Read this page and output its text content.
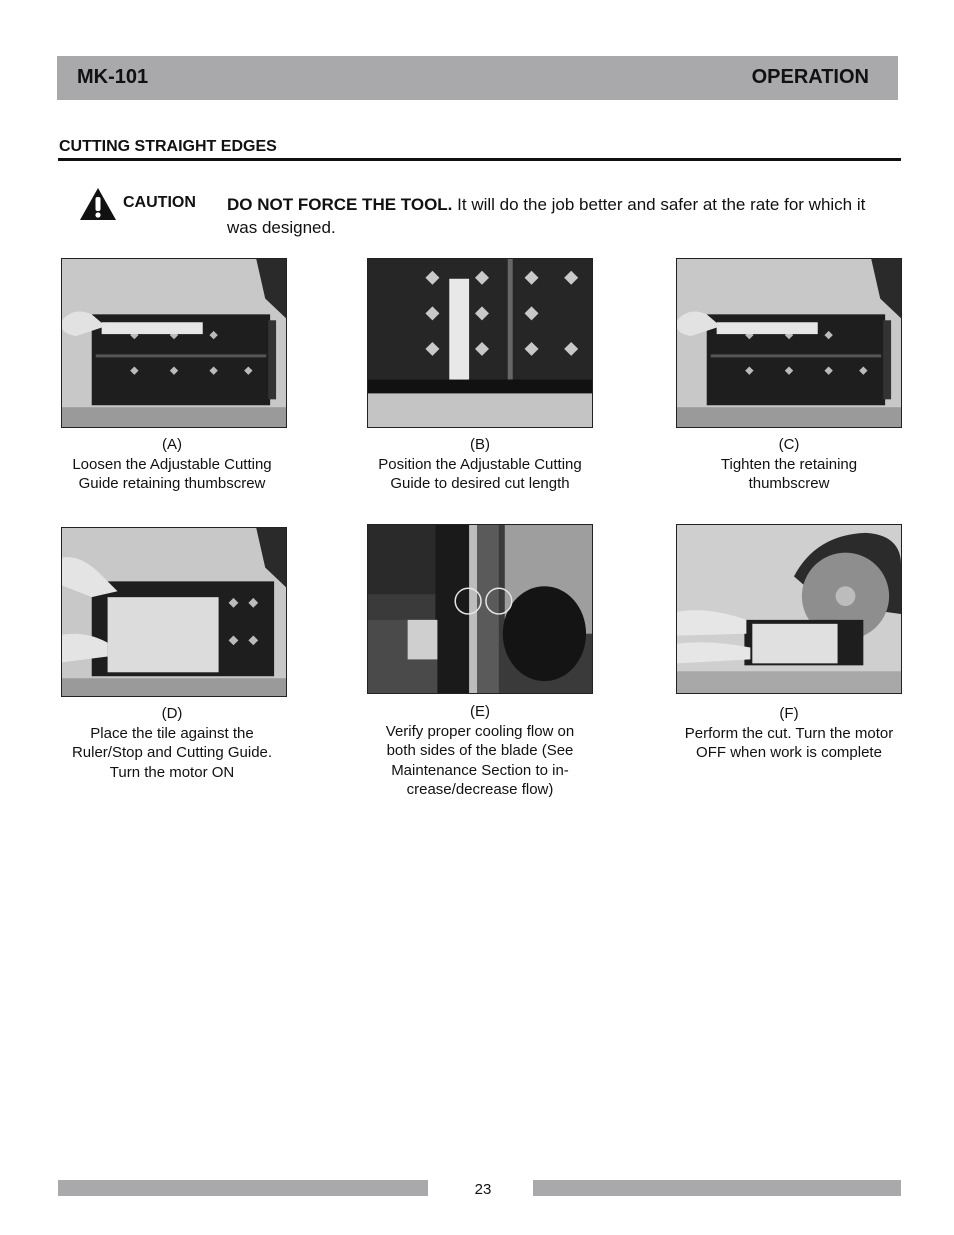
MK-101	OPERATION
CUTTING STRAIGHT EDGES
CAUTION DO NOT FORCE THE TOOL. It will do the job better and safer at the rate for which it was designed.
(A)
Loosen the Adjustable Cutting
Guide retaining thumbscrew
(B)
Position the Adjustable Cutting
Guide to desired cut length
(C)
Tighten the retaining
thumbscrew
(D)
Place the tile against the
Ruler/Stop and Cutting Guide.
Turn the motor ON
(E)
Verify proper cooling flow on
both sides of the blade (See
Maintenance Section to in-
crease/decrease flow)
(F)
Perform the cut. Turn the motor
OFF when work is complete
23
